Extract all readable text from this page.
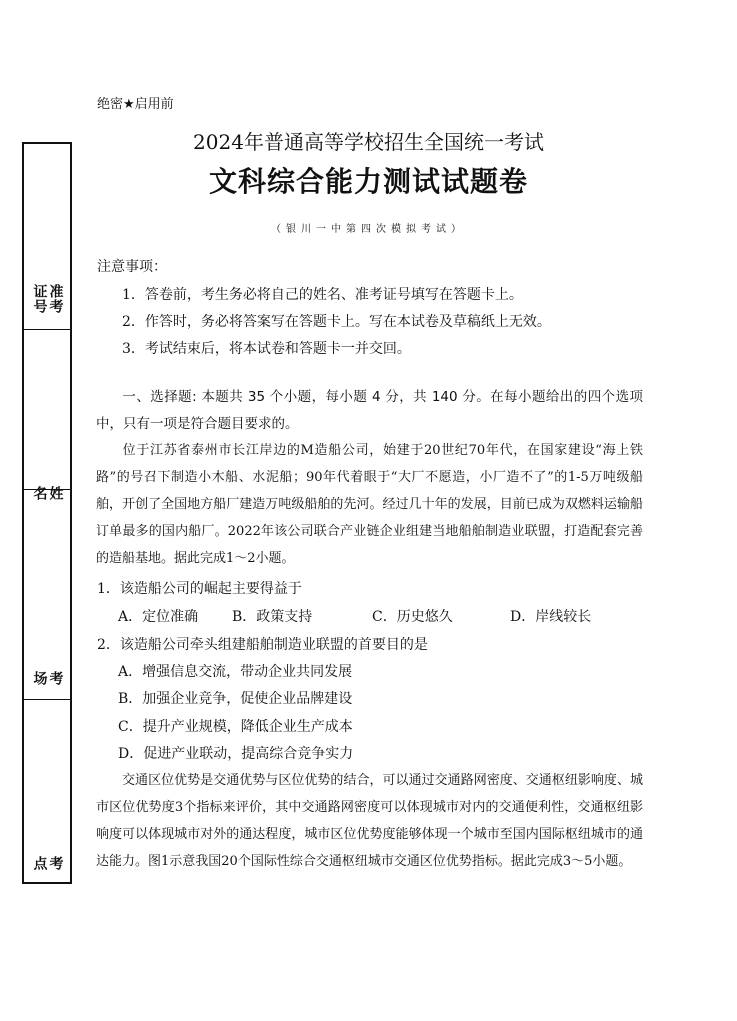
证号 准考
名 姓
场 考
点 考
绝密★启用前
2024年普通高等学校招生全国统一考试
文科综合能力测试试题卷
（银川一中第四次模拟考试）
注意事项：
1．答卷前，考生务必将自己的姓名、准考证号填写在答题卡上。
2．作答时，务必将答案写在答题卡上。写在本试卷及草稿纸上无效。
3．考试结束后，将本试卷和答题卡一并交回。
一、选择题: 本题共 35 个小题，每小题 4 分，共 140 分。在每小题给出的四个选项中，只有一项是符合题目要求的。
位于江苏省泰州市长江岸边的M造船公司，始建于20世纪70年代，在国家建设“海上铁路”的号召下制造小木船、水泥船；90年代着眼于“大厂不愿造，小厂造不了”的1-5万吨级船舶，开创了全国地方船厂建造万吨级船舶的先河。经过几十年的发展，目前已成为双燃料运输船订单最多的国内船厂。2022年该公司联合产业链企业组建当地船舶制造业联盟，打造配套完善的造船基地。据此完成1～2小题。
1．该造船公司的崛起主要得益于
A．定位准确 B．政策支持	C．历史悠久	D．岸线较长
2．该造船公司牵头组建船舶制造业联盟的首要目的是
A．增强信息交流，带动企业共同发展
B．加强企业竞争，促使企业品牌建设
C．提升产业规模，降低企业生产成本
D．促进产业联动，提高综合竞争实力
交通区位优势是交通优势与区位优势的结合，可以通过交通路网密度、交通枢纽影响度、城市区位优势度3个指标来评价，其中交通路网密度可以体现城市对内的交通便利性，交通枢纽影响度可以体现城市对外的通达程度，城市区位优势度能够体现一个城市至国内国际枢纽城市的通达能力。图1示意我国20个国际性综合交通枢纽城市交通区位优势指标。据此完成3～5小题。
